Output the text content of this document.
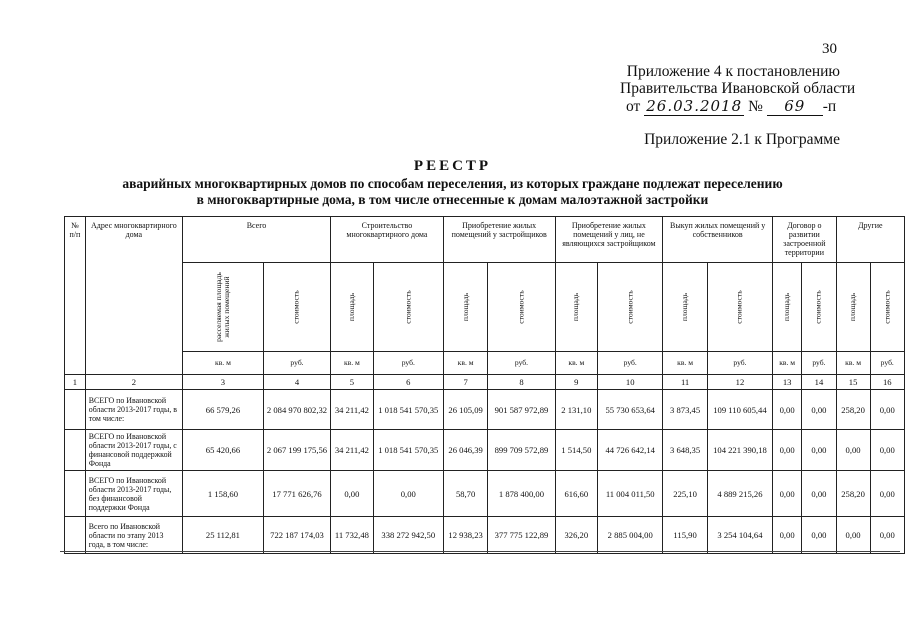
30
Приложение 4 к постановлению
Правительства Ивановской области
от 26.03.2018 № 69 -п
Приложение 2.1 к Программе
РЕЕСТР
аварийных многоквартирных домов по способам переселения, из которых граждане подлежат переселению
в многоквартирные дома, в том числе отнесенные к домам малоэтажной застройки
№ п/п	Адрес многоквартирного дома	Всего		Строительство многоквартирного дома		Приобретение жилых помещений у застройщиков		Приобретение жилых помещений у лиц, не являющихся застройщиком		Выкуп жилых помещений у собственников		Договор о развитии застроенной территории		Другие	
		расселяемая площадь жилых помещений	стоимость	площадь	стоимость	площадь	стоимость	площадь	стоимость	площадь	стоимость	площадь	стоимость	площадь	стоимость
		кв. м	руб.	кв. м	руб.	кв. м	руб.	кв. м	руб.	кв. м	руб.	кв. м	руб.	кв. м	руб.
1	2	3	4	5	6	7	8	9	10	11	12	13	14	15	16
	ВСЕГО по Ивановской области 2013-2017 годы, в том числе:	66 579,26	2 084 970 802,32	34 211,42	1 018 541 570,35	26 105,09	901 587 972,89	2 131,10	55 730 653,64	3 873,45	109 110 605,44	0,00	0,00	258,20	0,00
	ВСЕГО по Ивановской области 2013-2017 годы, с финансовой поддержкой Фонда	65 420,66	2 067 199 175,56	34 211,42	1 018 541 570,35	26 046,39	899 709 572,89	1 514,50	44 726 642,14	3 648,35	104 221 390,18	0,00	0,00	0,00	0,00
	ВСЕГО по Ивановской области 2013-2017 годы, без финансовой поддержки Фонда	1 158,60	17 771 626,76	0,00	0,00	58,70	1 878 400,00	616,60	11 004 011,50	225,10	4 889 215,26	0,00	0,00	258,20	0,00
	Всего по Ивановской области по этапу 2013 года, в том числе:	25 112,81	722 187 174,03	11 732,48	338 272 942,50	12 938,23	377 775 122,89	326,20	2 885 004,00	115,90	3 254 104,64	0,00	0,00	0,00	0,00
